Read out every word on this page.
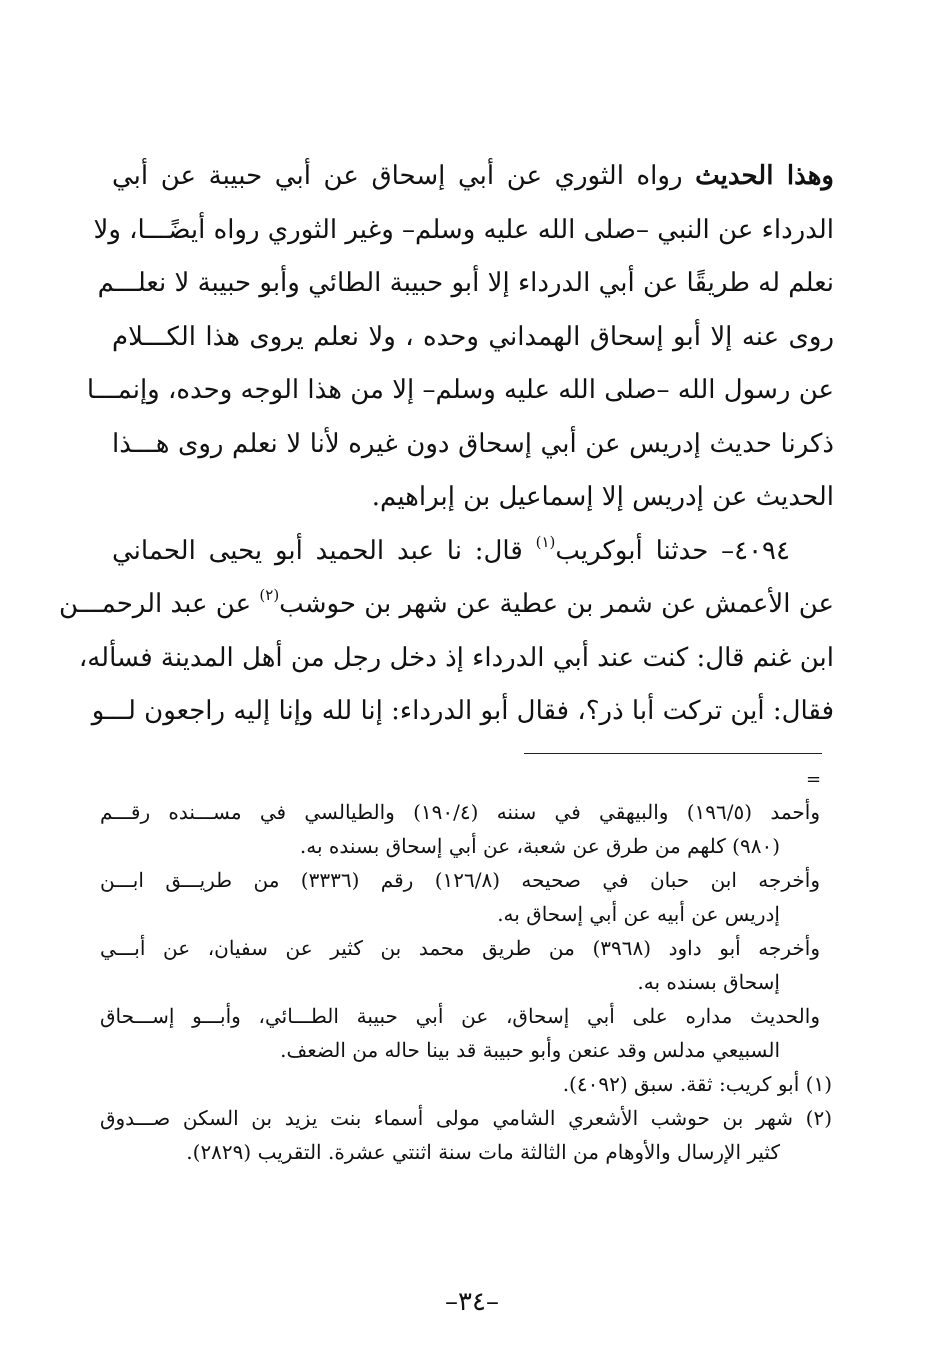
وهذا الحديث رواه الثوري عن أبي إسحاق عن أبي حبيبة عن أبي
الدرداء عن النبي –صلى الله عليه وسلم– وغير الثوري رواه أيضًـــا، ولا
نعلم له طريقًا عن أبي الدرداء إلا أبو حبيبة الطائي وأبو حبيبة لا نعلـــم
روى عنه إلا أبو إسحاق الهمداني وحده ، ولا نعلم يروى هذا الكـــلام
عن رسول الله –صلى الله عليه وسلم– إلا من هذا الوجه وحده، وإنمـــا
ذكرنا حديث إدريس عن أبي إسحاق دون غيره لأنا لا نعلم روى هـــذا
الحديث عن إدريس إلا إسماعيل بن إبراهيم.
٤٠٩٤– حدثنا أبوكريب$^{(١)}$ قال: نا عبد الحميد أبو يحيى الحماني
عن الأعمش عن شمر بن عطية عن شهر بن حوشب$^{(٢)}$ عن عبد الرحمـــن
ابن غنم قال: كنت عند أبي الدرداء إذ دخل رجل من أهل المدينة فسأله،
فقال: أين تركت أبا ذر؟، فقال أبو الدرداء: إنا لله وإنا إليه راجعون لـــو
=
وأحمد (١٩٦/٥) والبيهقي في سننه (١٩٠/٤) والطيالسي في مســـنده رقـــم
(٩٨٠) كلهم من طرق عن شعبة، عن أبي إسحاق بسنده به.
وأخرجه ابن حبان في صحيحه (١٢٦/٨) رقم (٣٣٣٦) من طريـــق ابـــن
إدريس عن أبيه عن أبي إسحاق به.
وأخرجه أبو داود (٣٩٦٨) من طريق محمد بن كثير عن سفيان، عن أبـــي
إسحاق بسنده به.
والحديث مداره على أبي إسحاق، عن أبي حبيبة الطـــائي، وأبـــو إســـحاق
السبيعي مدلس وقد عنعن وأبو حبيبة قد بينا حاله من الضعف.
(١) أبو كريب: ثقة. سبق (٤٠٩٢).
(٢) شهر بن حوشب الأشعري الشامي مولى أسماء بنت يزيد بن السكن صـــدوق
كثير الإرسال والأوهام من الثالثة مات سنة اثنتي عشرة. التقريب (٢٨٢٩).
–٣٤–
